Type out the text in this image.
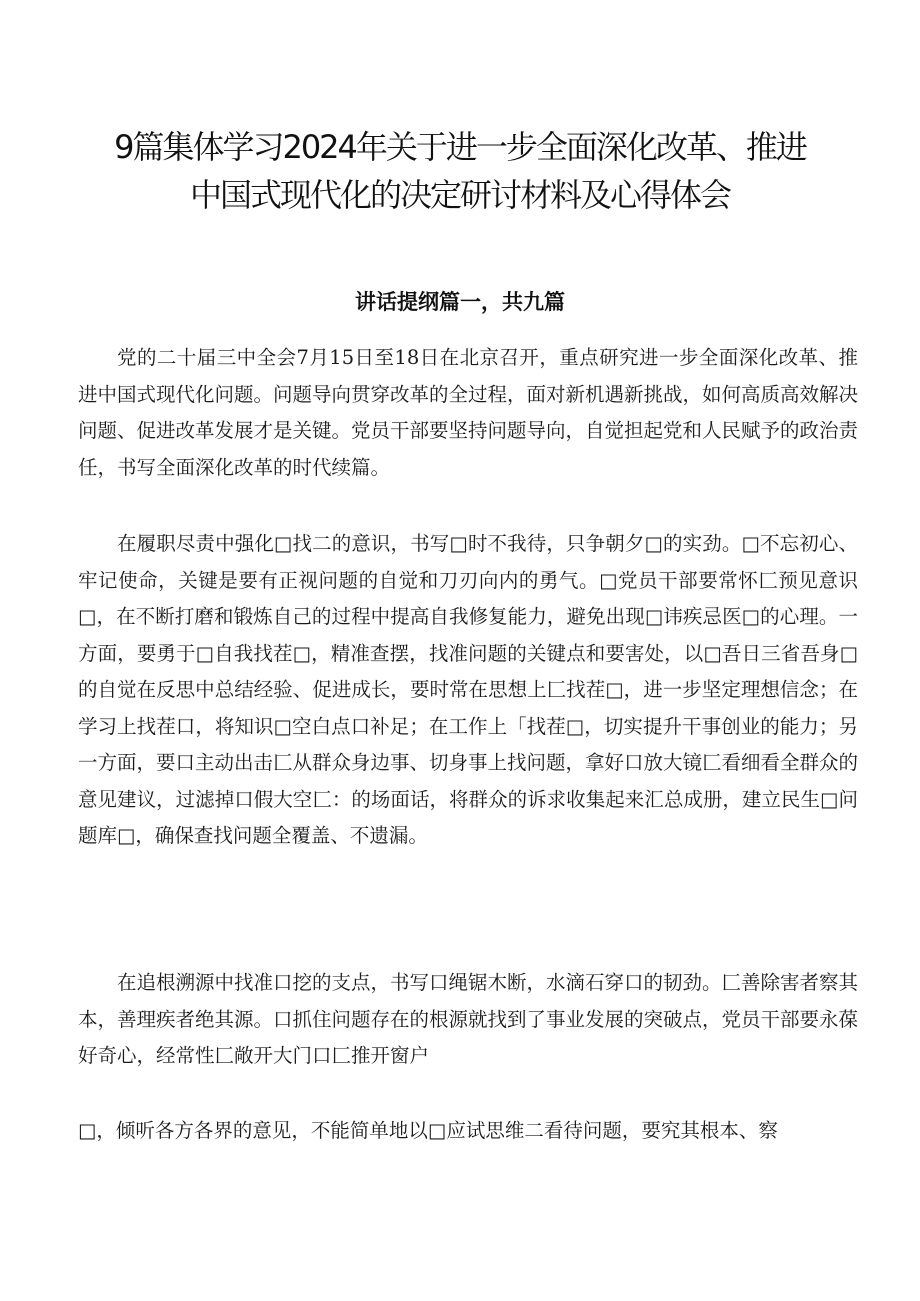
9篇集体学习2024年关于进一步全面深化改革、推进
中国式现代化的决定研讨材料及心得体会
讲话提纲篇一，共九篇

党的二十届三中全会7月15日至18日在北京召开，重点研究进一步全面深化改革、推进中国式现代化问题。问题导向贯穿改革的全过程，面对新机遇新挑战，如何高质高效解决问题、促进改革发展才是关键。党员干部要坚持问题导向，自觉担起党和人民赋予的政治责任，书写全面深化改革的时代续篇。

在履职尽责中强化□找二的意识，书写□时不我待，只争朝夕□的实劲。□不忘初心、牢记使命，关键是要有正视问题的自觉和刀刃向内的勇气。□党员干部要常怀匚预见意识□，在不断打磨和锻炼自己的过程中提高自我修复能力，避免出现□讳疾忌医□的心理。一方面，要勇于□自我找茬□，精准查摆，找准问题的关键点和要害处，以□吾日三省吾身□的自觉在反思中总结经验、促进成长，要时常在思想上匚找茬□，进一步坚定理想信念；在学习上找茬口，将知识□空白点口补足；在工作上「找茬□，切实提升干事创业的能力；另一方面，要口主动出击匚从群众身边事、切身事上找问题，拿好口放大镜匚看细看全群众的意见建议，过滤掉口假大空匚：的场面话，将群众的诉求收集起来汇总成册，建立民生□问题库□，确保查找问题全覆盖、不遗漏。

在追根溯源中找准口挖的支点，书写口绳锯木断，水滴石穿口的韧劲。匚善除害者察其本，善理疾者绝其源。口抓住问题存在的根源就找到了事业发展的突破点，党员干部要永葆好奇心，经常性匚敞开大门口匚推开窗户

□，倾听各方各界的意见，不能简单地以□应试思维二看待问题，要究其根本、察
